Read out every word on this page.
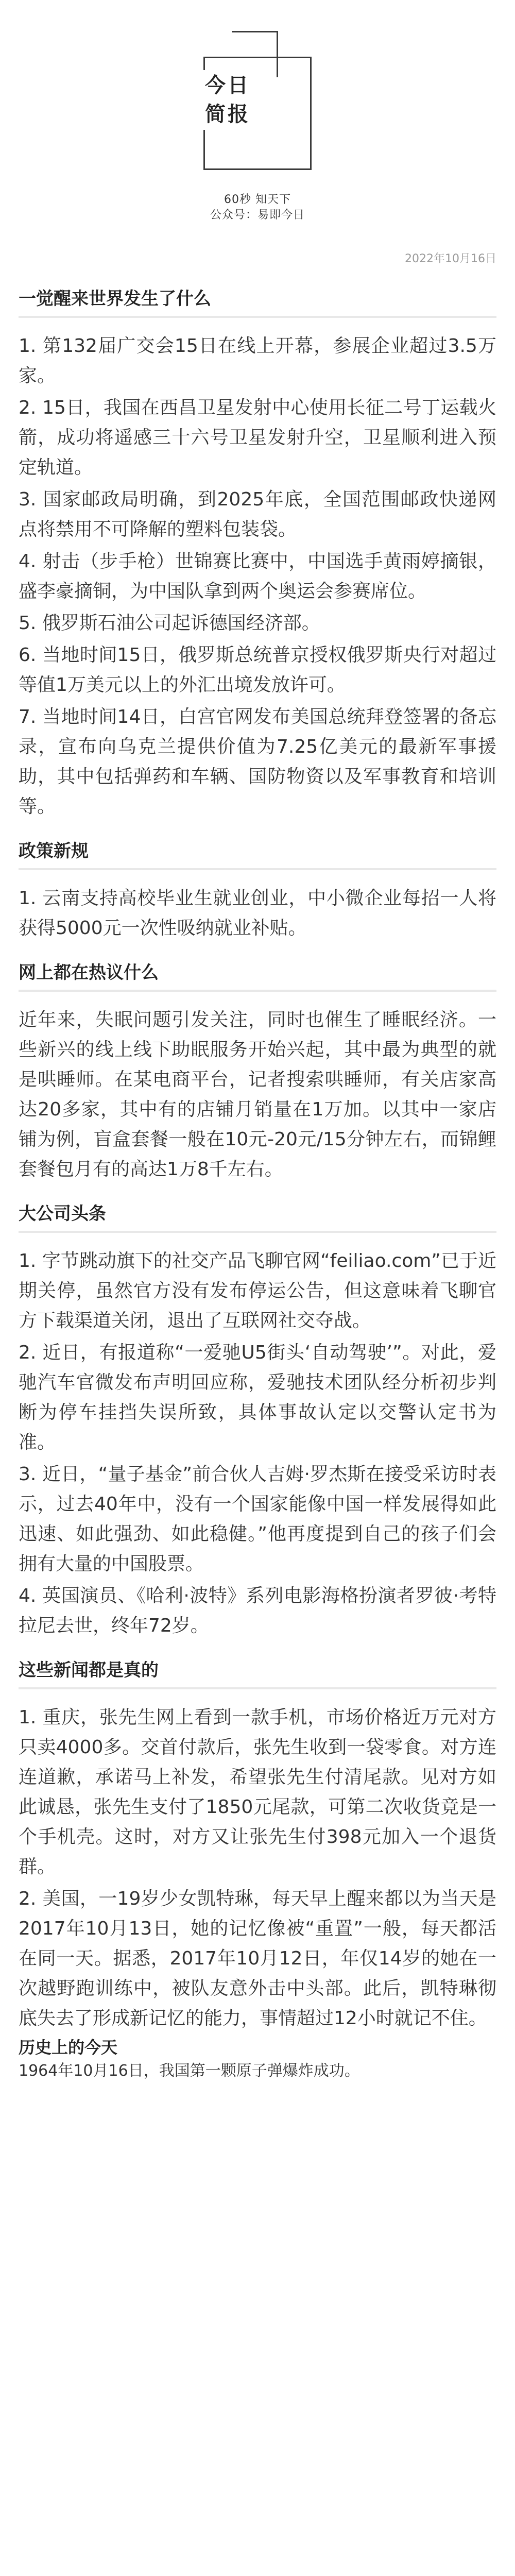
今日
简报
60秒 知天下
公众号：易即今日
2022年10月16日
一觉醒来世界发生了什么
1. 第132届广交会15日在线上开幕，参展企业超过3.5万家。
2. 15日，我国在西昌卫星发射中心使用长征二号丁运载火箭，成功将遥感三十六号卫星发射升空，卫星顺利进入预定轨道。
3. 国家邮政局明确，到2025年底，全国范围邮政快递网点将禁用不可降解的塑料包装袋。
4. 射击（步手枪）世锦赛比赛中，中国选手黄雨婷摘银，盛李豪摘铜，为中国队拿到两个奥运会参赛席位。
5. 俄罗斯石油公司起诉德国经济部。
6. 当地时间15日，俄罗斯总统普京授权俄罗斯央行对超过等值1万美元以上的外汇出境发放许可。
7. 当地时间14日，白宫官网发布美国总统拜登签署的备忘录，宣布向乌克兰提供价值为7.25亿美元的最新军事援助，其中包括弹药和车辆、国防物资以及军事教育和培训等。
政策新规
1. 云南支持高校毕业生就业创业，中小微企业每招一人将获得5000元一次性吸纳就业补贴。
网上都在热议什么
近年来，失眠问题引发关注，同时也催生了睡眠经济。一些新兴的线上线下助眠服务开始兴起，其中最为典型的就是哄睡师。在某电商平台，记者搜索哄睡师，有关店家高达20多家，其中有的店铺月销量在1万加。以其中一家店铺为例，盲盒套餐一般在10元-20元/15分钟左右，而锦鲤套餐包月有的高达1万8千左右。
大公司头条
1. 字节跳动旗下的社交产品飞聊官网“feiliao.com”已于近期关停，虽然官方没有发布停运公告，但这意味着飞聊官方下载渠道关闭，退出了互联网社交夺战。
2. 近日，有报道称“一爱驰U5街头‘自动驾驶’”。对此，爱驰汽车官微发布声明回应称，爱驰技术团队经分析初步判断为停车挂挡失误所致，具体事故认定以交警认定书为准。
3. 近日，“量子基金”前合伙人吉姆·罗杰斯在接受采访时表示，过去40年中，没有一个国家能像中国一样发展得如此迅速、如此强劲、如此稳健。”他再度提到自己的孩子们会拥有大量的中国股票。
4. 英国演员、《哈利·波特》系列电影海格扮演者罗彼·考特拉尼去世，终年72岁。
这些新闻都是真的
1. 重庆，张先生网上看到一款手机，市场价格近万元对方只卖4000多。交首付款后，张先生收到一袋零食。对方连连道歉，承诺马上补发，希望张先生付清尾款。见对方如此诚恳，张先生支付了1850元尾款，可第二次收货竟是一个手机壳。这时，对方又让张先生付398元加入一个退货群。
2. 美国，一19岁少女凯特琳，每天早上醒来都以为当天是2017年10月13日，她的记忆像被“重置”一般，每天都活在同一天。据悉，2017年10月12日，年仅14岁的她在一次越野跑训练中，被队友意外击中头部。此后，凯特琳彻底失去了形成新记忆的能力，事情超过12小时就记不住。
历史上的今天
1964年10月16日，我国第一颗原子弹爆炸成功。
